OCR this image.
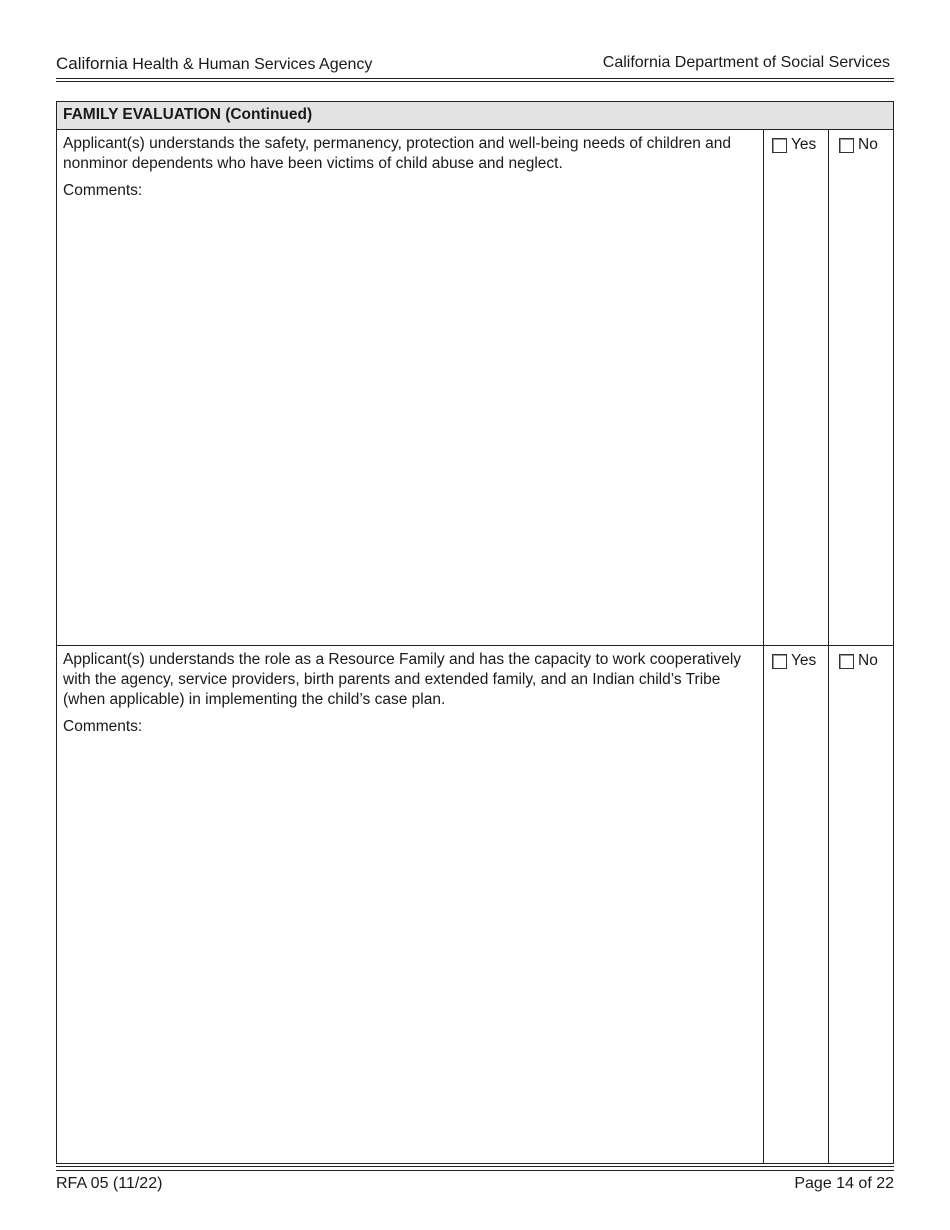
California Health & Human Services Agency	California Department of Social Services
FAMILY EVALUATION (Continued)
Applicant(s) understands the safety, permanency, protection and well-being needs of children and nonminor dependents who have been victims of child abuse and neglect.
Comments:
Yes	No
Applicant(s) understands the role as a Resource Family and has the capacity to work cooperatively with the agency, service providers, birth parents and extended family, and an Indian child’s Tribe (when applicable) in implementing the child’s case plan.
Comments:
Yes	No
RFA 05 (11/22)	Page 14 of 22
